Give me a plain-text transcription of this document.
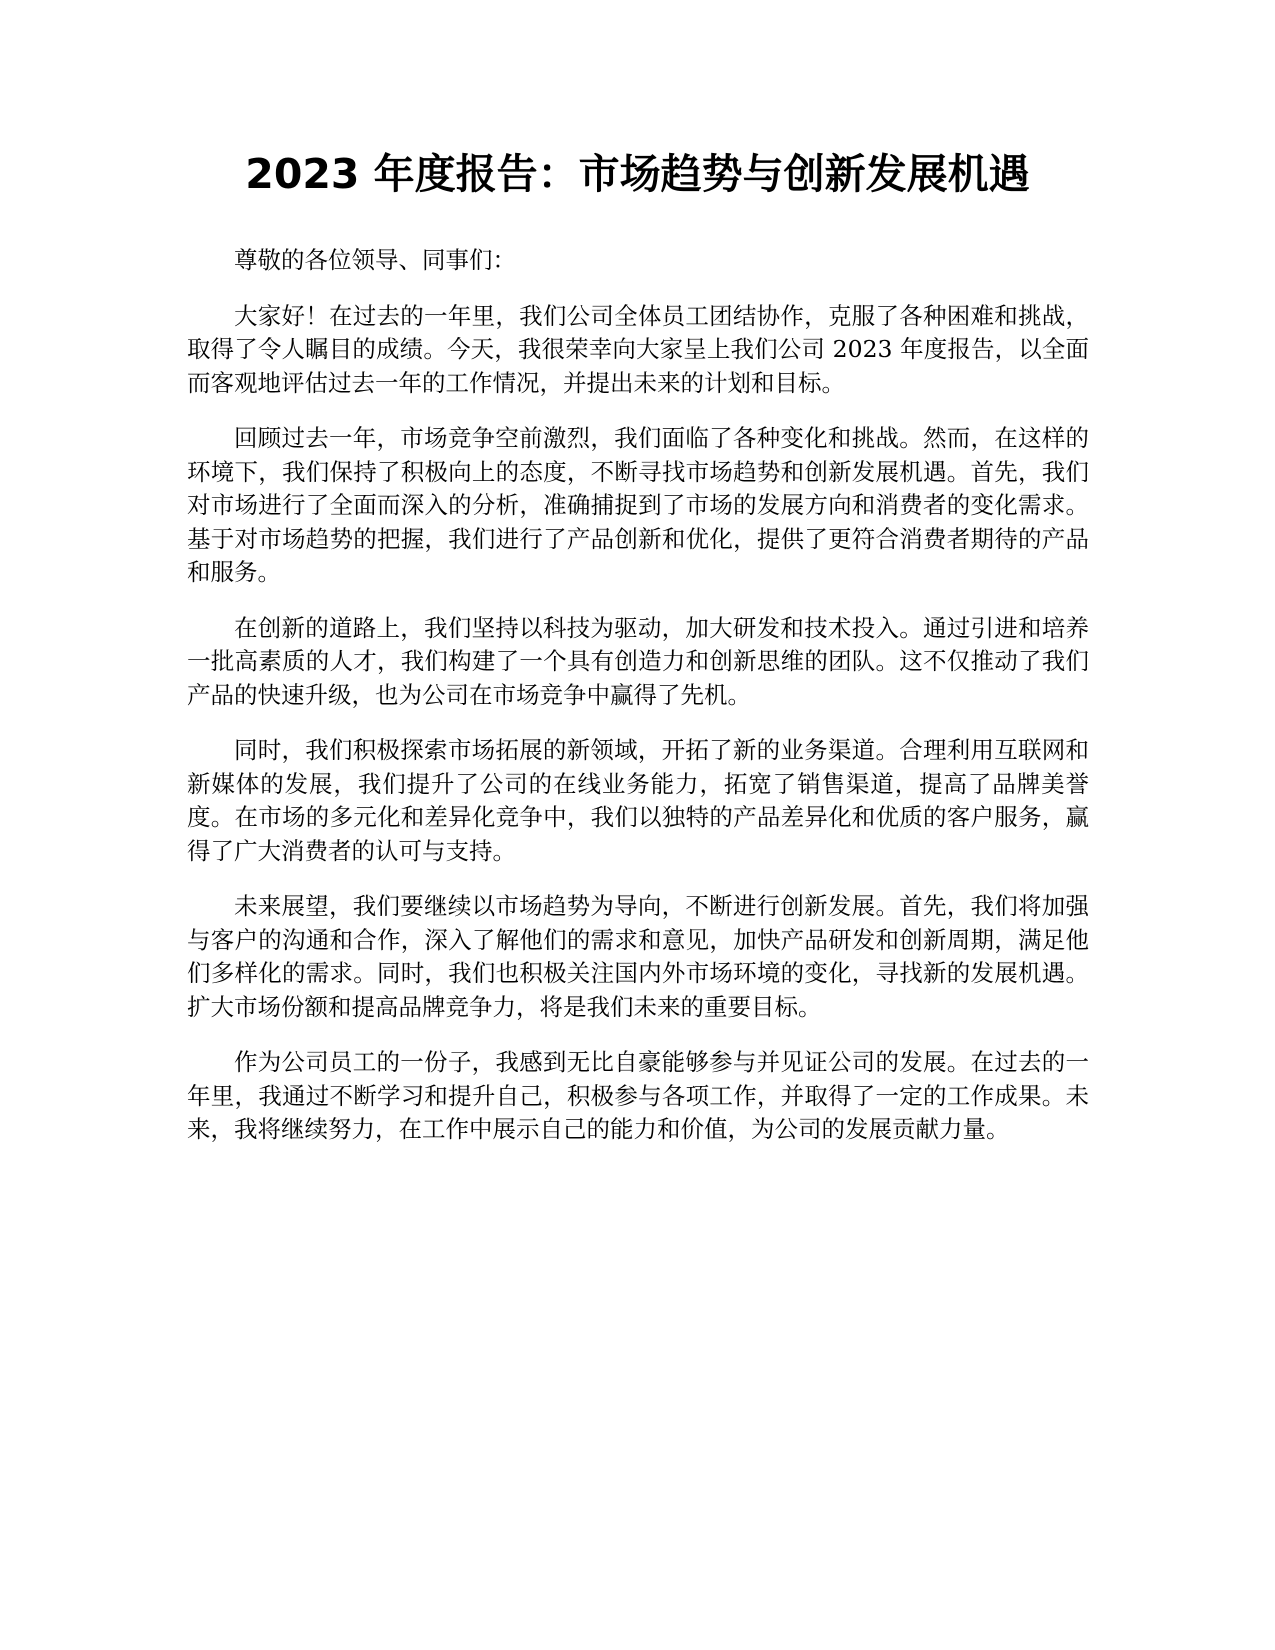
2023 年度报告：市场趋势与创新发展机遇

尊敬的各位领导、同事们：

大家好！在过去的一年里，我们公司全体员工团结协作，克服了各种困难和挑战，取得了令人瞩目的成绩。今天，我很荣幸向大家呈上我们公司 2023 年度报告，以全面而客观地评估过去一年的工作情况，并提出未来的计划和目标。

回顾过去一年，市场竞争空前激烈，我们面临了各种变化和挑战。然而，在这样的环境下，我们保持了积极向上的态度，不断寻找市场趋势和创新发展机遇。首先，我们对市场进行了全面而深入的分析，准确捕捉到了市场的发展方向和消费者的变化需求。基于对市场趋势的把握，我们进行了产品创新和优化，提供了更符合消费者期待的产品和服务。

在创新的道路上，我们坚持以科技为驱动，加大研发和技术投入。通过引进和培养一批高素质的人才，我们构建了一个具有创造力和创新思维的团队。这不仅推动了我们产品的快速升级，也为公司在市场竞争中赢得了先机。

同时，我们积极探索市场拓展的新领域，开拓了新的业务渠道。合理利用互联网和新媒体的发展，我们提升了公司的在线业务能力，拓宽了销售渠道，提高了品牌美誉度。在市场的多元化和差异化竞争中，我们以独特的产品差异化和优质的客户服务，赢得了广大消费者的认可与支持。

未来展望，我们要继续以市场趋势为导向，不断进行创新发展。首先，我们将加强与客户的沟通和合作，深入了解他们的需求和意见，加快产品研发和创新周期，满足他们多样化的需求。同时，我们也积极关注国内外市场环境的变化，寻找新的发展机遇。扩大市场份额和提高品牌竞争力，将是我们未来的重要目标。

作为公司员工的一份子，我感到无比自豪能够参与并见证公司的发展。在过去的一年里，我通过不断学习和提升自己，积极参与各项工作，并取得了一定的工作成果。未来，我将继续努力，在工作中展示自己的能力和价值，为公司的发展贡献力量。
